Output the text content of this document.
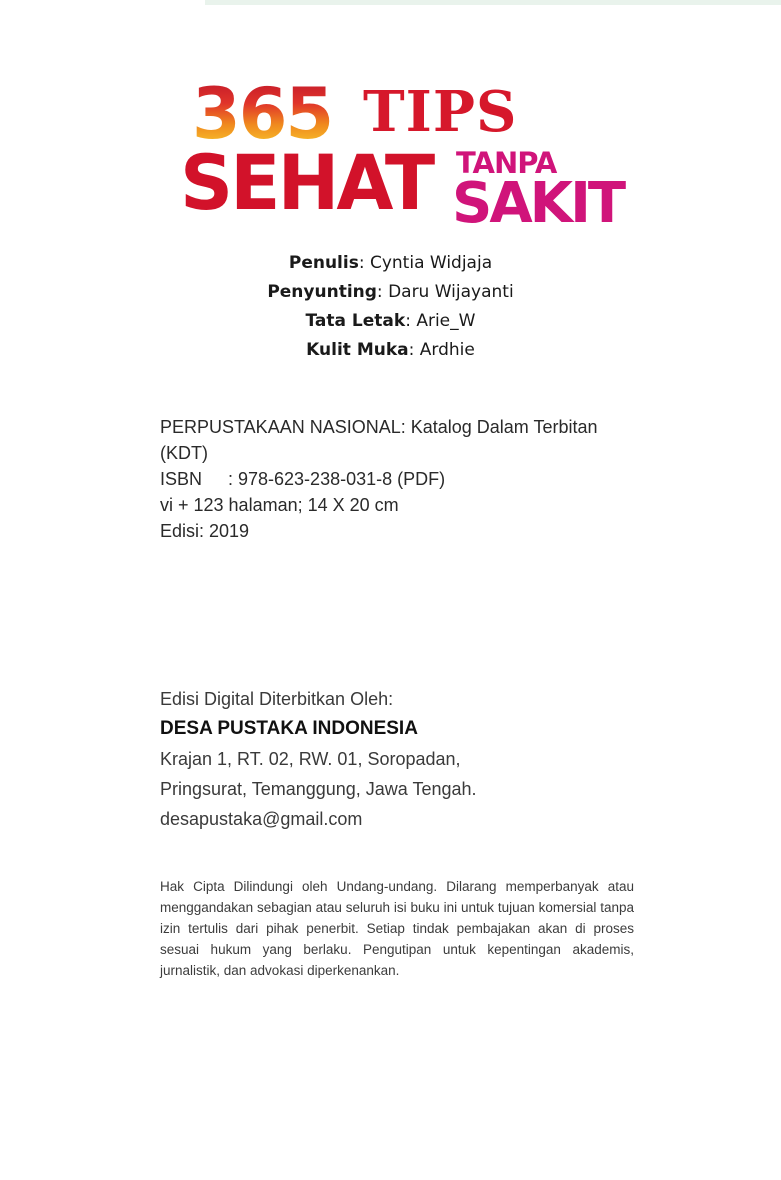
365 TIPS
SEHAT TANPA
SAKIT
Penulis: Cyntia Widjaja
Penyunting: Daru Wijayanti
Tata Letak: Arie_W
Kulit Muka: Ardhie
PERPUSTAKAAN NASIONAL: Katalog Dalam Terbitan (KDT)
ISBN : 978-623-238-031-8 (PDF)
vi + 123 halaman; 14 X 20 cm
Edisi: 2019
Edisi Digital Diterbitkan Oleh:
DESA PUSTAKA INDONESIA
Krajan 1, RT. 02, RW. 01, Soropadan,
Pringsurat, Temanggung, Jawa Tengah.
desapustaka@gmail.com
Hak Cipta Dilindungi oleh Undang-undang. Dilarang memperbanyak atau menggandakan sebagian atau seluruh isi buku ini untuk tujuan komersial tanpa izin tertulis dari pihak penerbit. Setiap tindak pembajakan akan di proses sesuai hukum yang berlaku. Pengutipan untuk kepentingan akademis, jurnalistik, dan advokasi diperkenankan.
